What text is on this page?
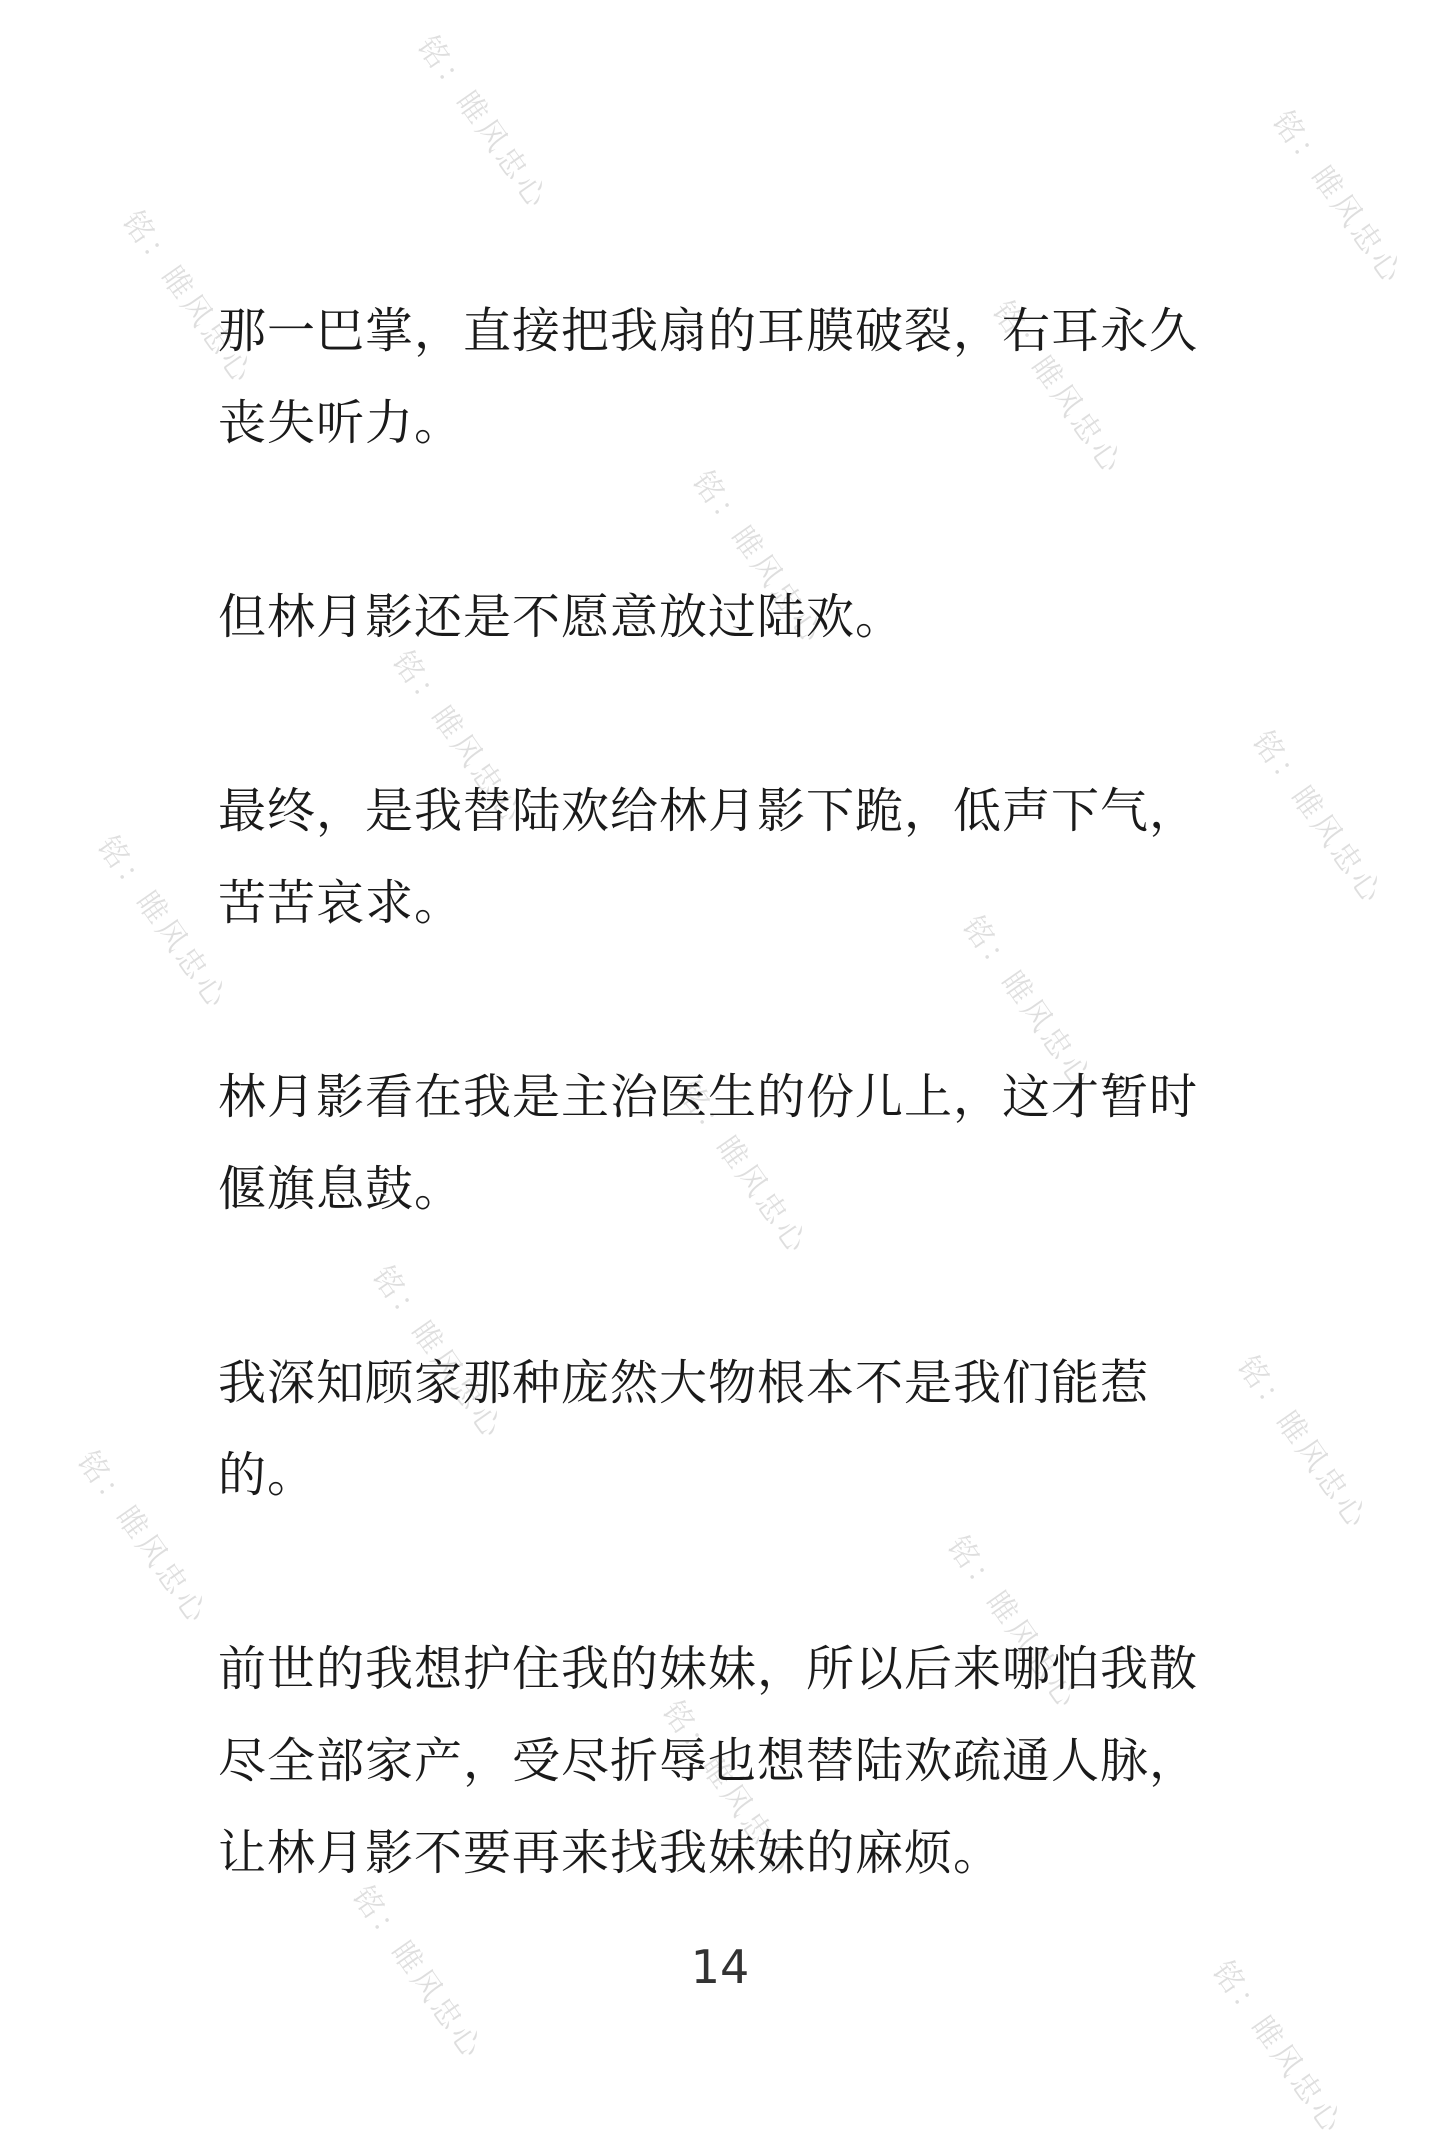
铭：睢风忠心	铭：睢风忠心
铭：睢风忠心	铭：睢风忠心
铭：睢风忠心
铭：睢风忠心	铭：睢风忠心
铭：睢风忠心	铭：睢风忠心
铭：睢风忠心
铭：睢风忠心	铭：睢风忠心
铭：睢风忠心	铭：睢风忠心
铭：睢风忠心
铭：睢风忠心	铭：睢风忠心

那一巴掌，直接把我扇的耳膜破裂，右耳永久丧失听力。

但林月影还是不愿意放过陆欢。

最终，是我替陆欢给林月影下跪，低声下气，苦苦哀求。

林月影看在我是主治医生的份儿上，这才暂时偃旗息鼓。

我深知顾家那种庞然大物根本不是我们能惹的。

前世的我想护住我的妹妹，所以后来哪怕我散尽全部家产，受尽折辱也想替陆欢疏通人脉，让林月影不要再来找我妹妹的麻烦。

14
